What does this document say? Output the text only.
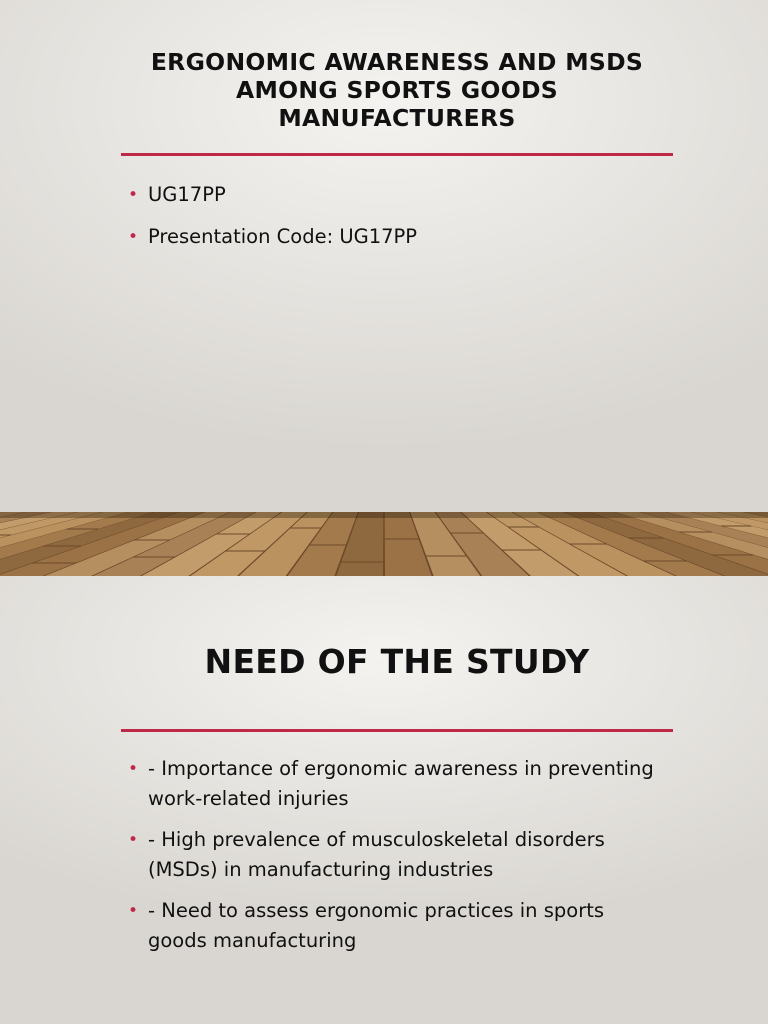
ERGONOMIC AWARENESS AND MSDS AMONG SPORTS GOODS MANUFACTURERS
• UG17PP
• Presentation Code: UG17PP
NEED OF THE STUDY
• - Importance of ergonomic awareness in preventing work-related injuries
• - High prevalence of musculoskeletal disorders (MSDs) in manufacturing industries
• - Need to assess ergonomic practices in sports goods manufacturing
